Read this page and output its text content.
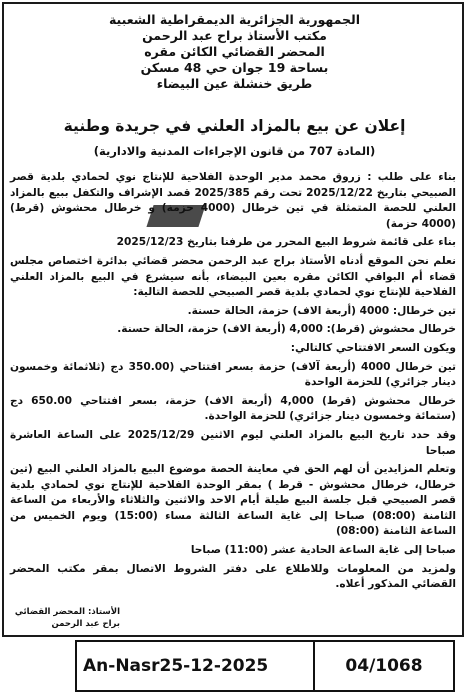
الجمهورية الجزائرية الديمقراطية الشعبية
مكتب الأستاذ براح عبد الرحمن
المحضر القضائي الكائن مقره
بساحة 19 جوان حي 48 مسكن
طريق خنشلة عين البيضاء
إعلان عن بيع بالمزاد العلني في جريدة وطنية
(المادة 707 من قانون الإجراءات المدنية والادارية)

بناء على طلب : زروق محمد مدير الوحدة الفلاحية للإنتاج نوي لحمادي بلدية قصر الصبيحي بتاريخ 2025/12/22 تحت رقم 2025/385 قصد الإشراف والتكفل ببيع بالمزاد العلني للحصة المتمثلة في تين خرطال (4000 حزمة) و خرطال محشوش (قرط) (4000 حزمة)

بناء على قائمة شروط البيع المحرر من طرفنا بتاريخ 2025/12/23

نعلم نحن الموقع أدناه الأستاذ براح عبد الرحمن محضر قضائي بدائرة اختصاص مجلس قضاء أم البواقي الكائن مقره بعين البيضاء، بأنه سيشرع في البيع بالمزاد العلني الفلاحية للإنتاج نوي لحمادي بلدية قصر الصبيحي للحصة التالية:

تين خرطال: 4000 (أربعة الاف) حزمة، الحالة حسنة.

خرطال محشوش (قرط): 4,000 (أربعة الاف) حزمة، الحالة حسنة.

ويكون السعر الافتتاحي كالتالي:

تين خرطال 4000 (أربعة آلاف) حزمة بسعر افتتاحي (350.00 دج (ثلاثمائة وخمسون دينار جزائري) للحزمة الواحدة

خرطال محشوش (قرط) 4,000 (أربعة الاف) حزمة، بسعر افتتاحي 650.00 دج (ستمائة وخمسون دينار جزائري) للحزمة الواحدة.

وقد حدد تاريخ البيع بالمزاد العلني ليوم الاثنين 2025/12/29 على الساعة العاشرة صباحا

وتعلم المزايدين أن لهم الحق في معاينة الحصة موضوع البيع بالمزاد العلني البيع (تين خرطال، خرطال محشوش - قرط ) بمقر الوحدة الفلاحية للإنتاج نوي لحمادي بلدية قصر الصبيحي قبل جلسة البيع طيلة أيام الاحد والاثنين والثلاثاء والأربعاء من الساعة الثامنة (08:00) صباحا إلى غاية الساعة الثالثة مساء (15:00) ويوم الخميس من الساعة الثامنة (08:00)

صباحا إلى غاية الساعة الحادية عشر (11:00) صباحا

ولمزيد من المعلومات وللاطلاع على دفتر الشروط الاتصال بمقر مكتب المحضر القضائي المذكور أعلاه.

الأستاذ: المحضر القضائي
براح عبد الرحمن
An-Nasr25-12-2025	04/1068
